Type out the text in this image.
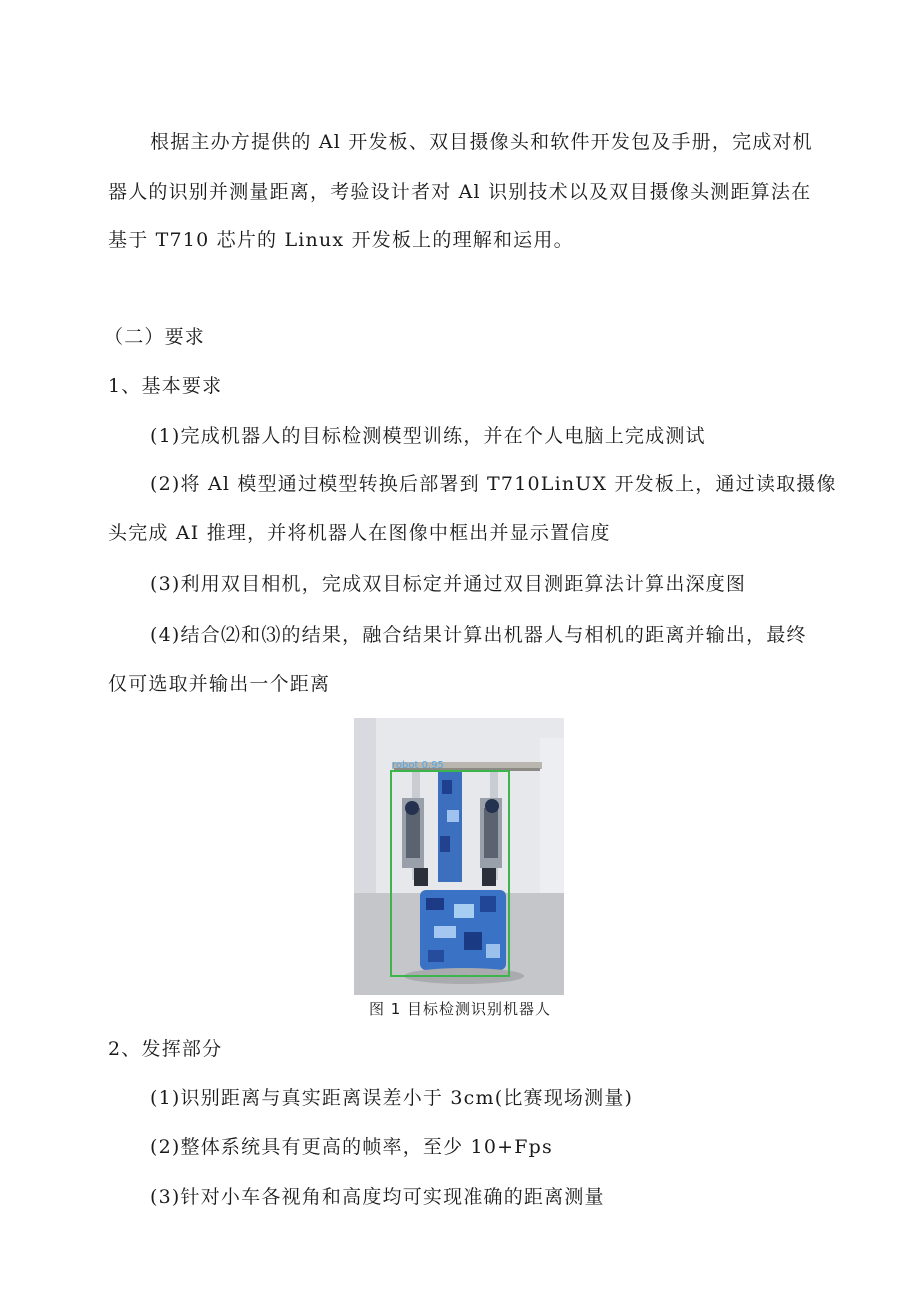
根据主办方提供的 Al 开发板、双目摄像头和软件开发包及手册，完成对机
器人的识别并测量距离，考验设计者对 Al 识别技术以及双目摄像头测距算法在
基于 T710 芯片的 Linux 开发板上的理解和运用。
（二）要求
1、基本要求
(1)完成机器人的目标检测模型训练，并在个人电脑上完成测试
(2)将 Al 模型通过模型转换后部署到 T710LinUX 开发板上，通过读取摄像
头完成 AI 推理，并将机器人在图像中框出并显示置信度
(3)利用双目相机，完成双目标定并通过双目测距算法计算出深度图
(4)结合⑵和⑶的结果，融合结果计算出机器人与相机的距离并输出，最终
仅可选取并输出一个距离
robot 0.95
图 1 目标检测识别机器人
2、发挥部分
(1)识别距离与真实距离误差小于 3cm(比赛现场测量)
(2)整体系统具有更高的帧率，至少 10+Fps
(3)针对小车各视角和高度均可实现准确的距离测量
